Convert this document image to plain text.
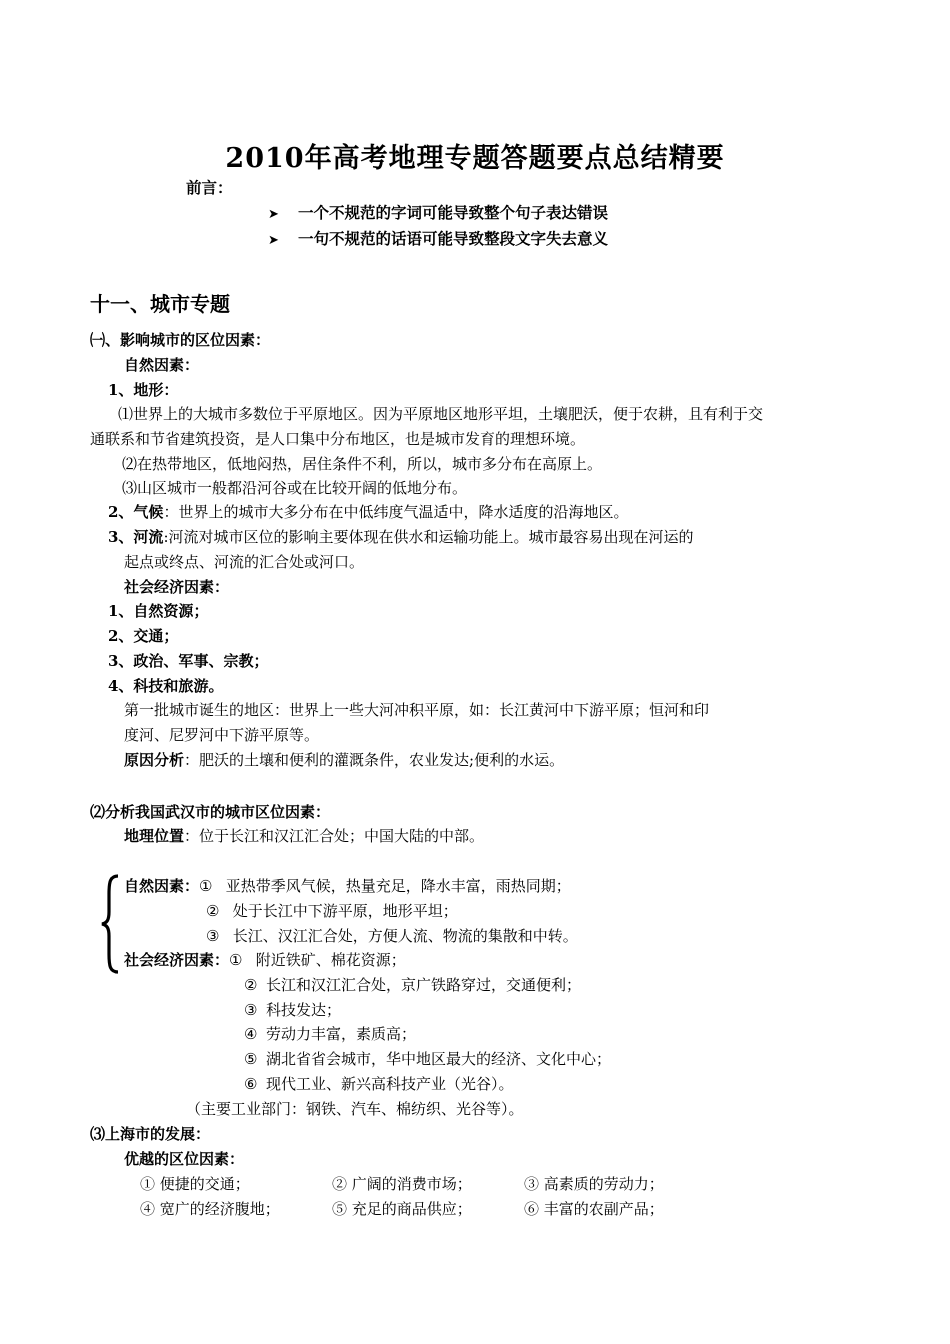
2010年高考地理专题答题要点总结精要
前言：
➤ 一个不规范的字词可能导致整个句子表达错误
➤ 一句不规范的话语可能导致整段文字失去意义
十一、城市专题
㈠、影响城市的区位因素：
自然因素：
1、地形：
⑴世界上的大城市多数位于平原地区。因为平原地区地形平坦，土壤肥沃，便于农耕，且有利于交
通联系和节省建筑投资，是人口集中分布地区，也是城市发育的理想环境。
⑵在热带地区，低地闷热，居住条件不利，所以，城市多分布在高原上。
⑶山区城市一般都沿河谷或在比较开阔的低地分布。
2、气候：世界上的城市大多分布在中低纬度气温适中，降水适度的沿海地区。
3、河流:河流对城市区位的影响主要体现在供水和运输功能上。城市最容易出现在河运的
起点或终点、河流的汇合处或河口。
社会经济因素：
1、自然资源；
2、交通；
3、政治、军事、宗教；
4、科技和旅游。
第一批城市诞生的地区：世界上一些大河冲积平原，如：长江黄河中下游平原；恒河和印
度河、尼罗河中下游平原等。
原因分析：肥沃的土壤和便利的灌溉条件，农业发达;便利的水运。
⑵分析我国武汉市的城市区位因素：
地理位置：位于长江和汉江汇合处；中国大陆的中部。
自然因素：① 亚热带季风气候，热量充足，降水丰富，雨热同期；
② 处于长江中下游平原，地形平坦；
③ 长江、汉江汇合处，方便人流、物流的集散和中转。
社会经济因素：① 附近铁矿、棉花资源；
② 长江和汉江汇合处，京广铁路穿过，交通便利；
③ 科技发达；
④ 劳动力丰富，素质高；
⑤ 湖北省省会城市，华中地区最大的经济、文化中心；
⑥ 现代工业、新兴高科技产业（光谷）。
（主要工业部门：钢铁、汽车、棉纺织、光谷等）。
⑶上海市的发展：
优越的区位因素：
① 便捷的交通；	② 广阔的消费市场；	③ 高素质的劳动力；
④ 宽广的经济腹地；	⑤ 充足的商品供应；	⑥ 丰富的农副产品；
